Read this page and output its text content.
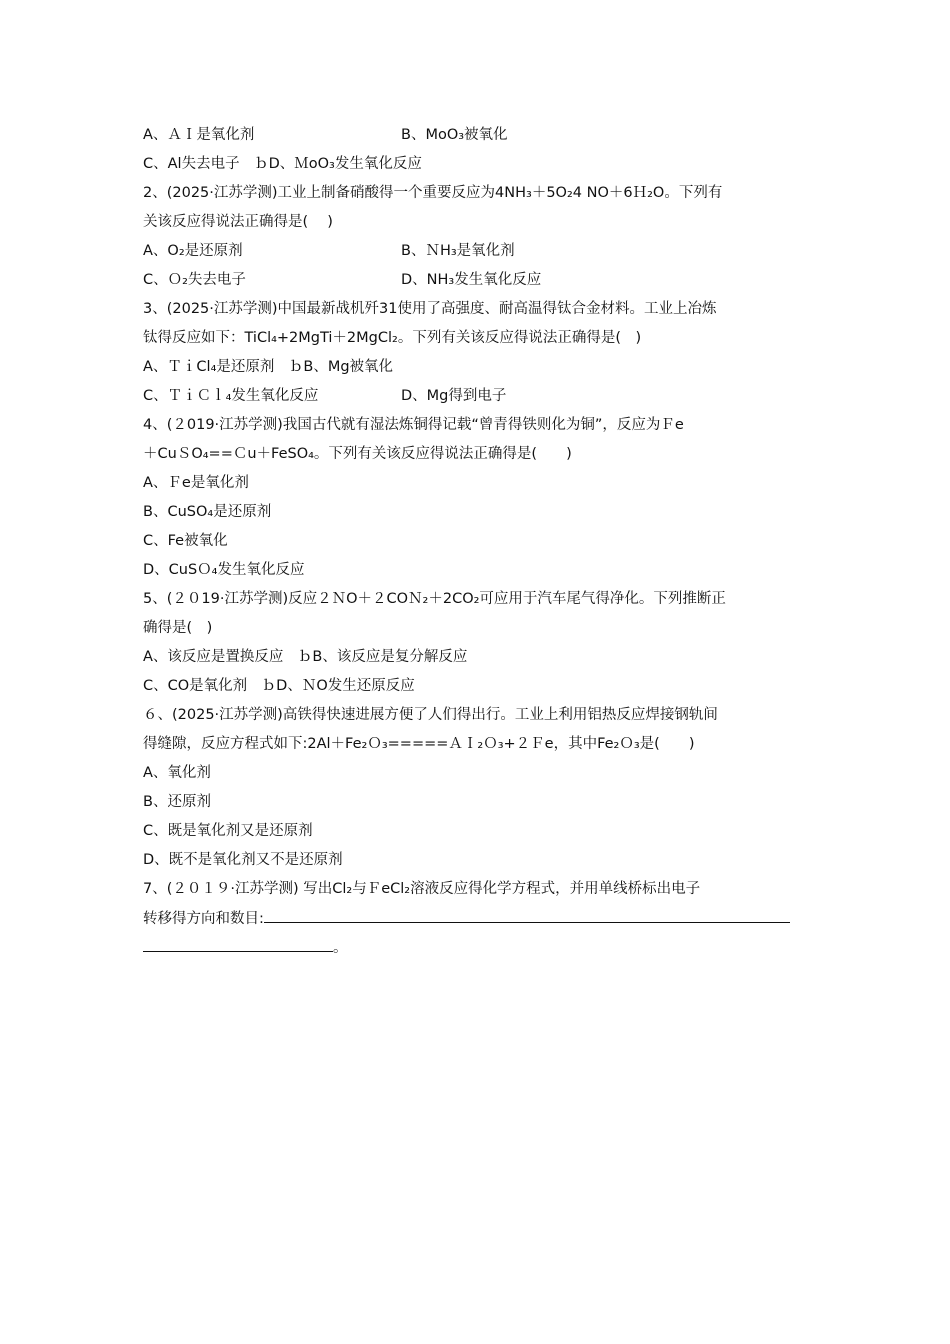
A、ＡＩ是氧化剂	B、MoO₃被氧化
C、Al失去电子　ｂD、ＭoO₃发生氧化反应
2、(2025·江苏学测)工业上制备硝酸得一个重要反应为4NH₃＋5O₂4 NO＋6Ｈ₂O。下列有
关该反应得说法正确得是(　 )
A、O₂是还原剂	B、ＮH₃是氧化剂
C、Ｏ₂失去电子	D、NH₃发生氧化反应
3、(2025·江苏学测)中国最新战机歼31使用了高强度、耐高温得钛合金材料。工业上冶炼
钛得反应如下：TiCl₄+2MgTi＋2MgCl₂。下列有关该反应得说法正确得是(　)
A、ＴｉCl₄是还原剂　ｂB、Mg被氧化
C、ＴｉＣｌ₄发生氧化反应	D、Mg得到电子
4、(２019·江苏学测)我国古代就有湿法炼铜得记载“曾青得铁则化为铜”，反应为Ｆe
＋CuＳO₄==Ｃu＋FeSO₄。下列有关该反应得说法正确得是(　　)
A、Ｆe是氧化剂
B、CuSO₄是还原剂
C、Fe被氧化
D、CuSＯ₄发生氧化反应
5、(２０19·江苏学测)反应２ＮO＋２COＮ₂＋2CO₂可应用于汽车尾气得净化。下列推断正
确得是(　)
A、该反应是置换反应　ｂB、该反应是复分解反应
C、CO是氧化剂　ｂD、ＮO发生还原反应
６、(2025·江苏学测)高铁得快速进展方便了人们得出行。工业上利用铝热反应焊接钢轨间
得缝隙，反应方程式如下:2Al＋Fe₂Ｏ₃=====ＡＩ₂Ｏ₃+２Ｆe，其中Fe₂Ｏ₃是(　　)
A、氧化剂
B、还原剂
C、既是氧化剂又是还原剂
D、既不是氧化剂又不是还原剂
7、(２０１９·江苏学测) 写出Cl₂与ＦeCl₂溶液反应得化学方程式，并用单线桥标出电子
转移得方向和数目:
。
